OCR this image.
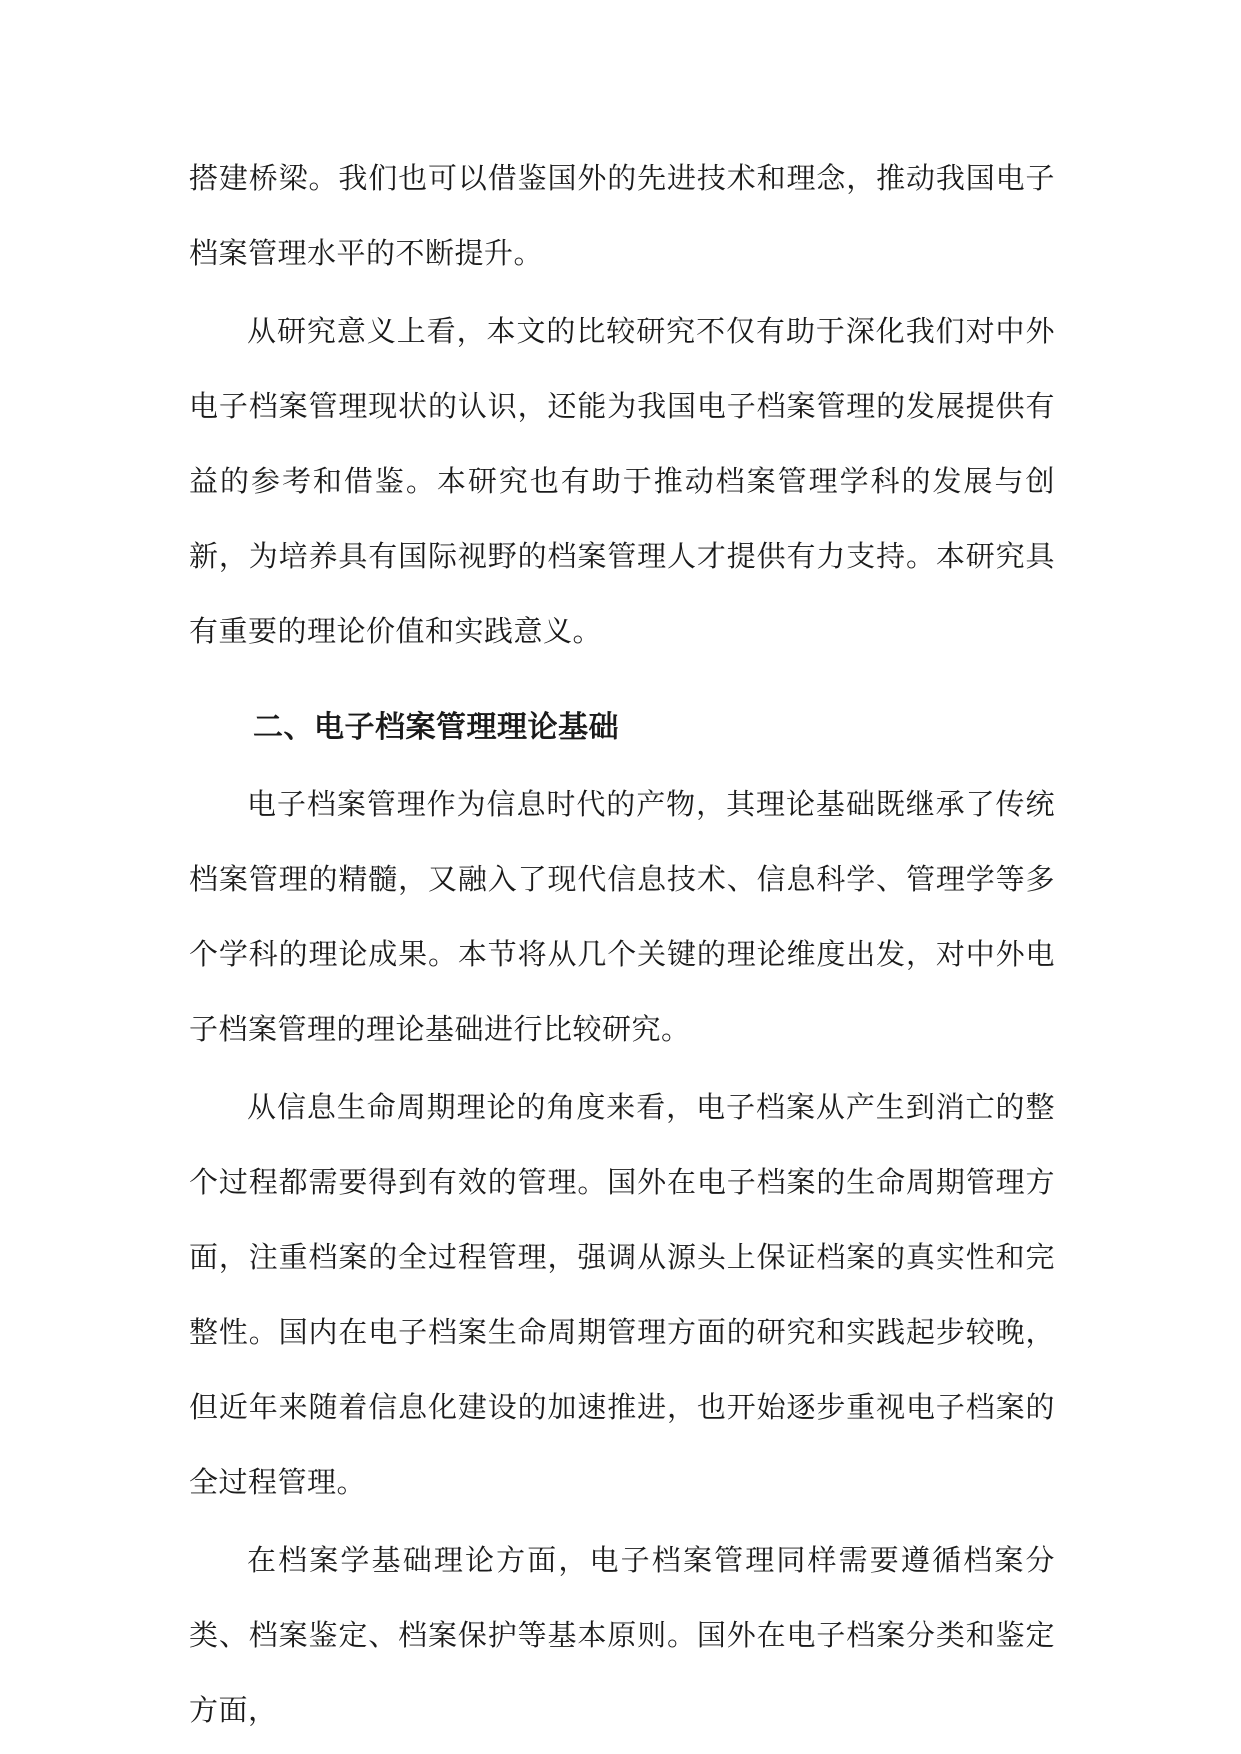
搭建桥梁。我们也可以借鉴国外的先进技术和理念，推动我国电子档案管理水平的不断提升。

从研究意义上看，本文的比较研究不仅有助于深化我们对中外电子档案管理现状的认识，还能为我国电子档案管理的发展提供有益的参考和借鉴。本研究也有助于推动档案管理学科的发展与创新，为培养具有国际视野的档案管理人才提供有力支持。本研究具有重要的理论价值和实践意义。

二、电子档案管理理论基础

电子档案管理作为信息时代的产物，其理论基础既继承了传统档案管理的精髓，又融入了现代信息技术、信息科学、管理学等多个学科的理论成果。本节将从几个关键的理论维度出发，对中外电子档案管理的理论基础进行比较研究。

从信息生命周期理论的角度来看，电子档案从产生到消亡的整个过程都需要得到有效的管理。国外在电子档案的生命周期管理方面，注重档案的全过程管理，强调从源头上保证档案的真实性和完整性。国内在电子档案生命周期管理方面的研究和实践起步较晚，但近年来随着信息化建设的加速推进，也开始逐步重视电子档案的全过程管理。

在档案学基础理论方面，电子档案管理同样需要遵循档案分类、档案鉴定、档案保护等基本原则。国外在电子档案分类和鉴定方面，
